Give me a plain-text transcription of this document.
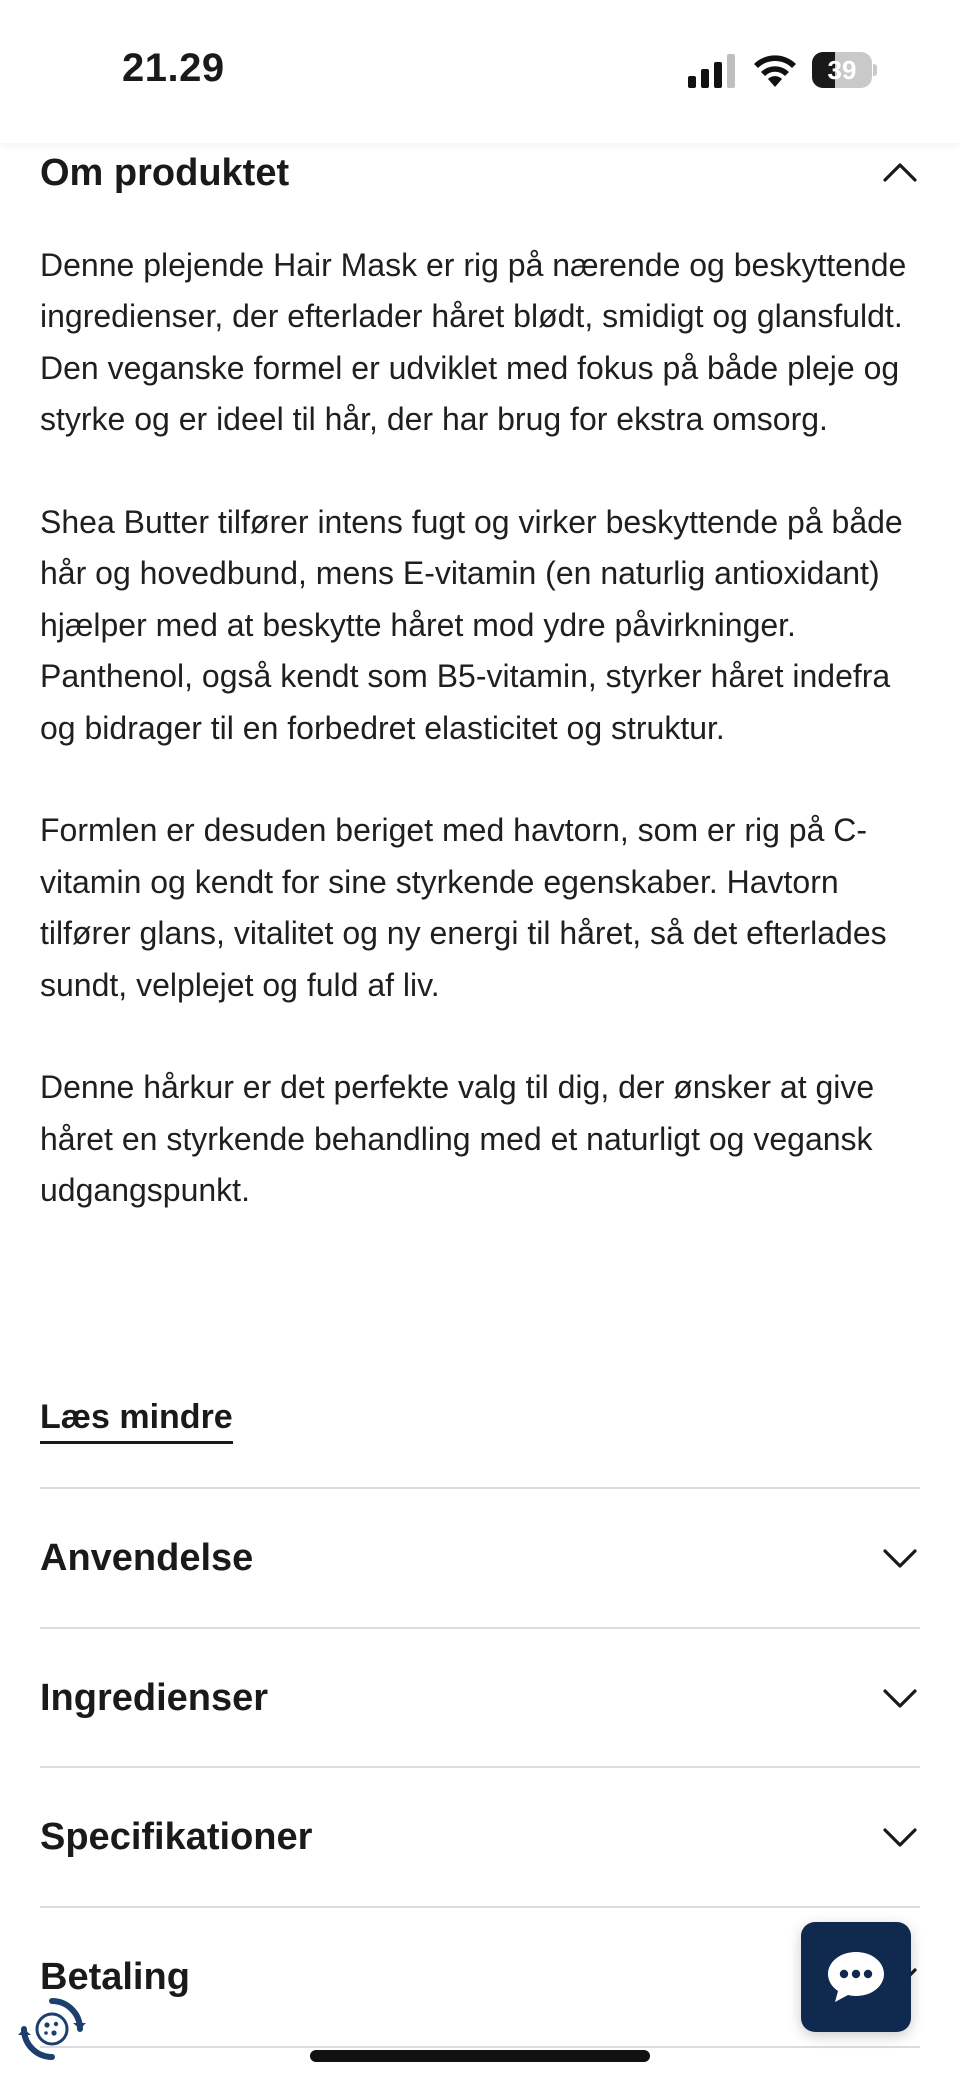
21.29	39
Om produktet

Denne plejende Hair Mask er rig på nærende og beskyttende ingredienser, der efterlader håret blødt, smidigt og glansfuldt. Den veganske formel er udviklet med fokus på både pleje og styrke og er ideel til hår, der har brug for ekstra omsorg.

Shea Butter tilfører intens fugt og virker beskyttende på både hår og hovedbund, mens E-vitamin (en naturlig antioxidant) hjælper med at beskytte håret mod ydre påvirkninger. Panthenol, også kendt som B5-vitamin, styrker håret indefra og bidrager til en forbedret elasticitet og struktur.

Formlen er desuden beriget med havtorn, som er rig på C-vitamin og kendt for sine styrkende egenskaber. Havtorn tilfører glans, vitalitet og ny energi til håret, så det efterlades sundt, velplejet og fuld af liv.

Denne hårkur er det perfekte valg til dig, der ønsker at give håret en styrkende behandling med et naturligt og vegansk udgangspunkt.

Læs mindre
Anvendelse
Ingredienser
Specifikationer
Betaling
